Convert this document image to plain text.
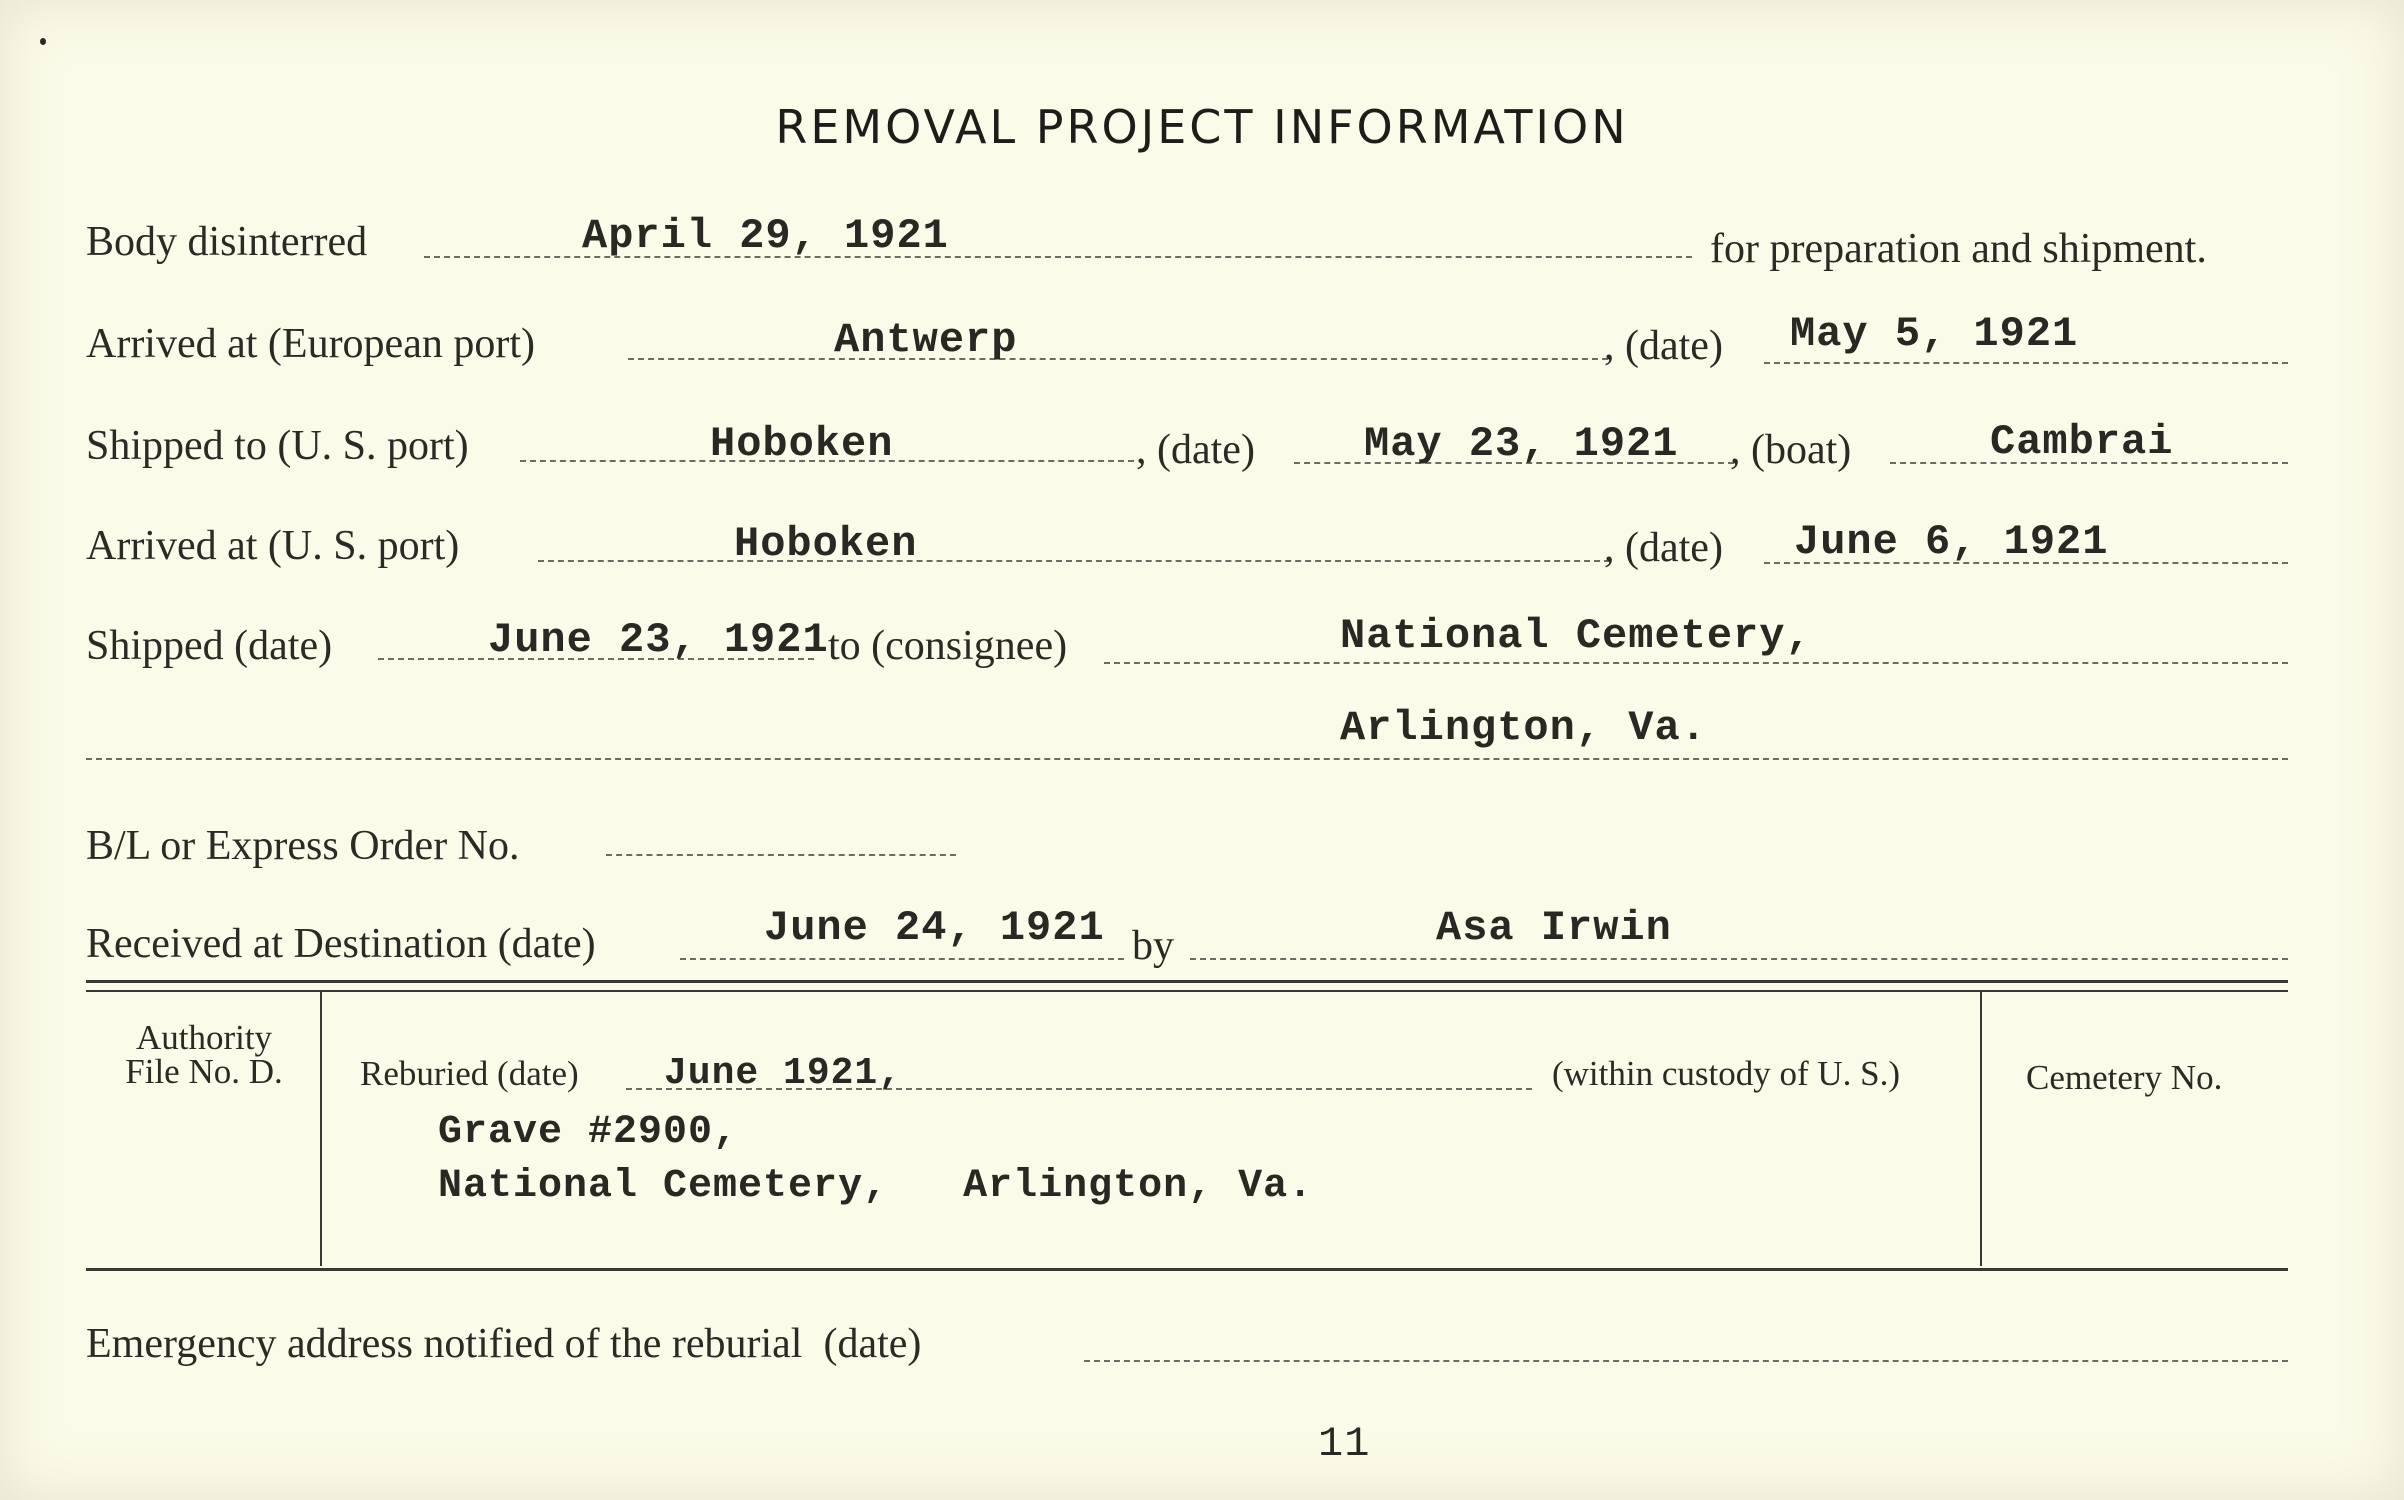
REMOVAL PROJECT INFORMATION
Body disinterred	April 29, 1921	for preparation and shipment.
Arrived at (European port)	Antwerp	, (date) May 5, 1921
Shipped to (U. S. port)	Hoboken	, (date)	May 23, 1921 , (boat)	Cambrai
Arrived at (U. S. port)	Hoboken	, (date) June 6, 1921
Shipped (date)	June 23, 1921 to (consignee)	National Cemetery,
Arlington, Va.
B/L or Express Order No.
Received at Destination (date)	June 24, 1921 by	Asa Irwin
Authority
File No. D.	Reburied (date) June 1921,	(within custody of U. S.)
Grave #2900,
National Cemetery,   Arlington, Va.
Cemetery No.
Emergency address notified of the reburial  (date)
11
